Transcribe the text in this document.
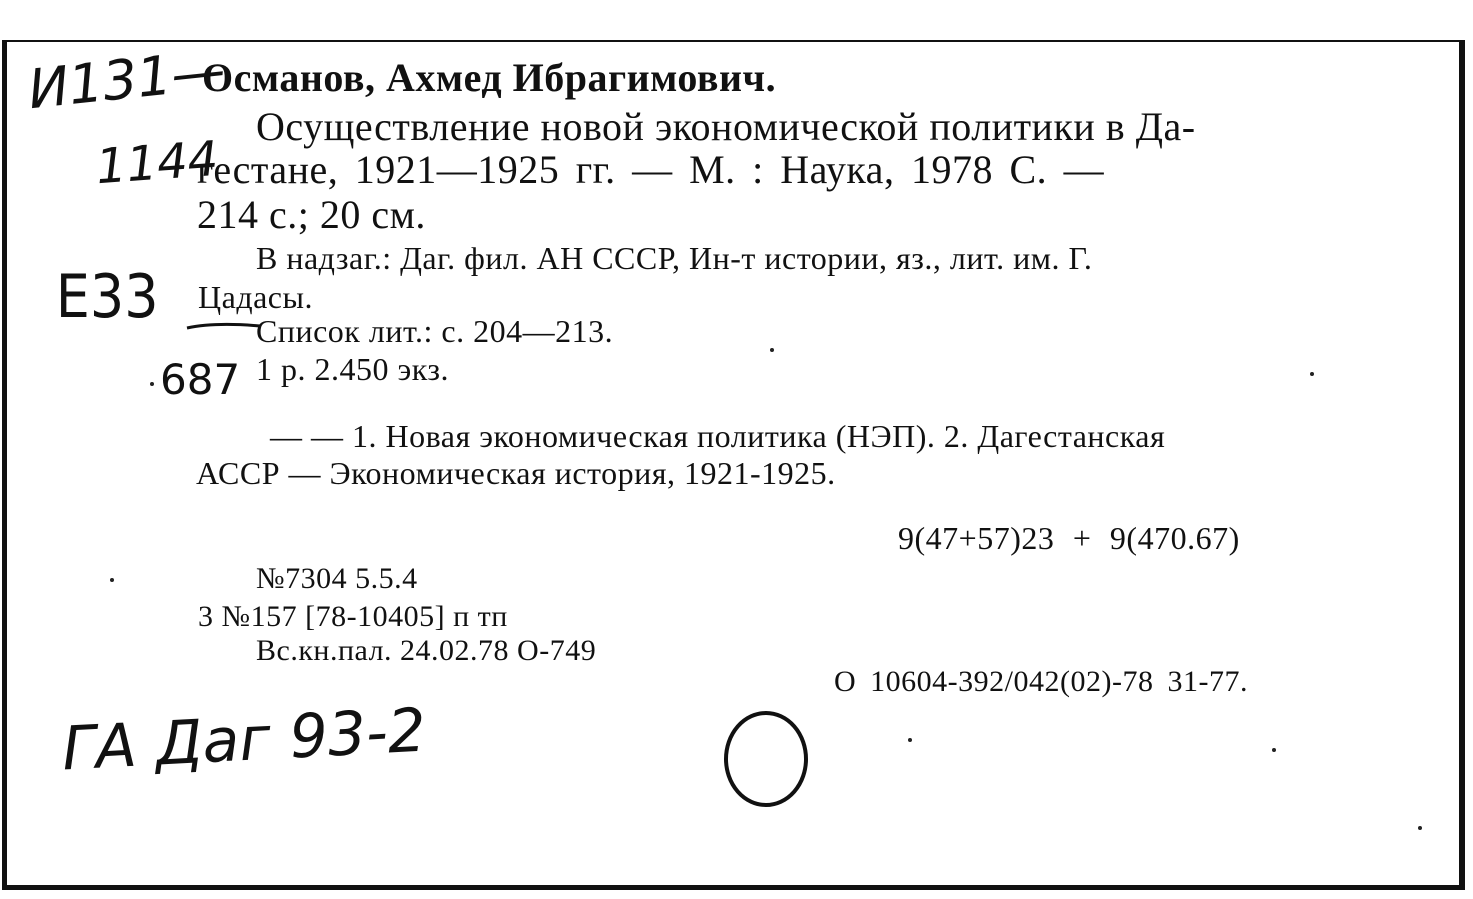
Османов, Ахмед Ибрагимович.
Осуществление новой экономической политики в Да-
гестане, 1921—1925 гг. — М. : Наука, 1978 С. —
214 с.; 20 см.
В надзаг.: Даг. фил. АН СССР, Ин-т истории, яз., лит. им. Г.
Цадасы.
Список лит.: с. 204—213.
1 р. 2.450 экз.
— — 1. Новая экономическая политика (НЭП). 2. Дагестанская
АССР — Экономическая история, 1921-1925.
9(47+57)23 + 9(470.67)
№7304 5.5.4
3 №157 [78-10405] п тп
Вс.кн.пал. 24.02.78 О-749
О 10604-392/042(02)-78 31-77.
И131—
1144
Е33
687
ГА Даг 93-2
